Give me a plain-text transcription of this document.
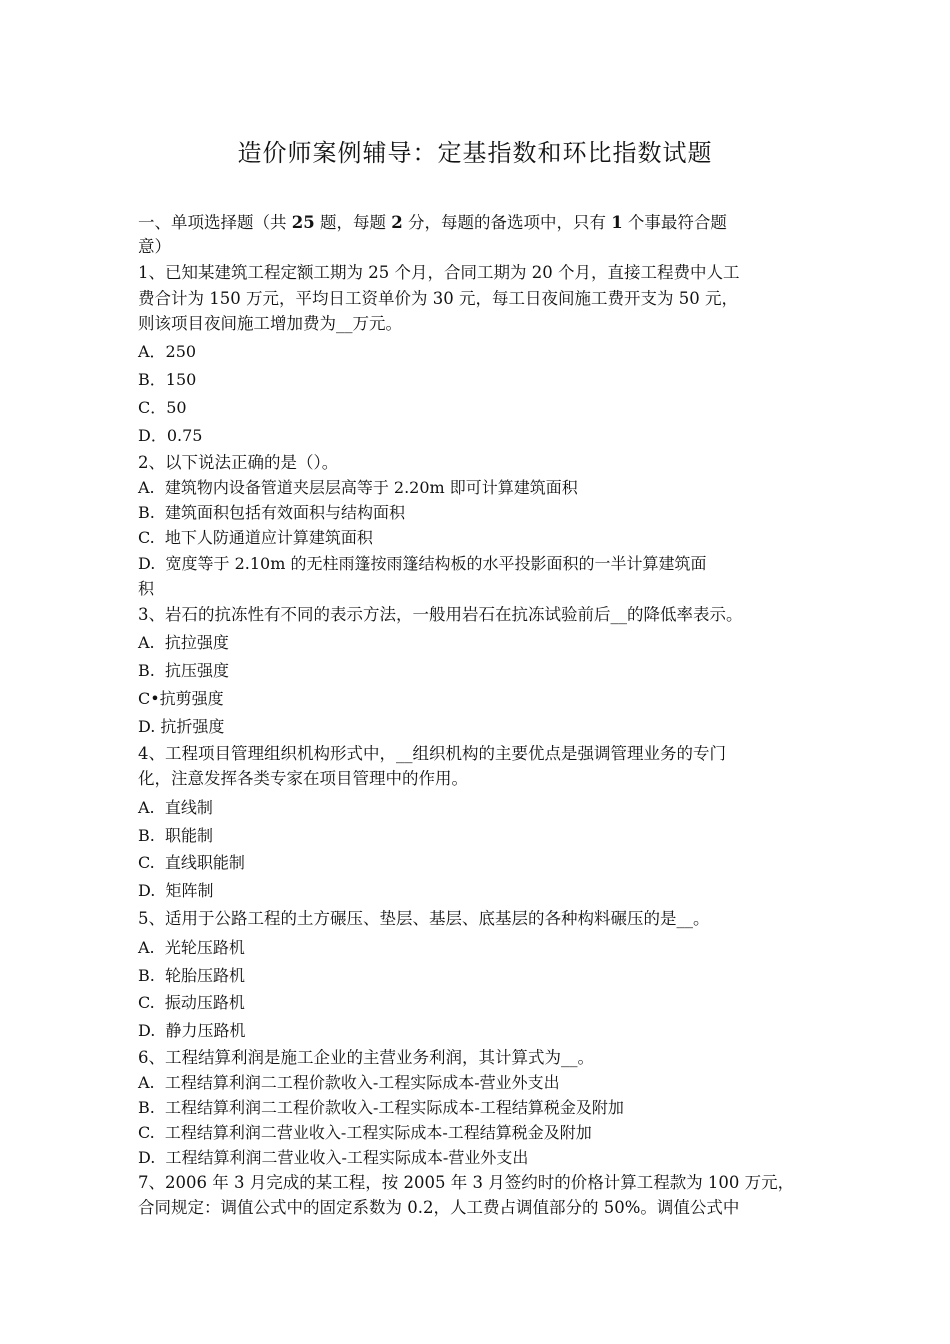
造价师案例辅导：定基指数和环比指数试题

一、单项选择题（共 25 题，每题 2 分，每题的备选项中，只有 1 个事最符合题

意）

1、已知某建筑工程定额工期为 25 个月，合同工期为 20 个月，直接工程费中人工

费合计为 150 万元，平均日工资单价为 30 元，每工日夜间施工费开支为 50 元，

则该项目夜间施工增加费为__万元。

A．250

B．150

C．50

D．0.75

2、以下说法正确的是（）。

A.  建筑物内设备管道夹层层高等于 2.20m 即可计算建筑面积

B.  建筑面积包括有效面积与结构面积

C.  地下人防通道应计算建筑面积

D.  宽度等于 2.10m 的无柱雨篷按雨篷结构板的水平投影面积的一半计算建筑面

积

3、岩石的抗冻性有不同的表示方法，一般用岩石在抗冻试验前后__的降低率表示。

A.  抗拉强度

B.  抗压强度

C•抗剪强度

D. 抗折强度

4、工程项目管理组织机构形式中，__组织机构的主要优点是强调管理业务的专门

化，注意发挥各类专家在项目管理中的作用。

A.  直线制

B.  职能制

C.  直线职能制

D.  矩阵制

5、适用于公路工程的土方碾压、垫层、基层、底基层的各种构料碾压的是__。

A.  光轮压路机

B.  轮胎压路机

C.  振动压路机

D.  静力压路机

6、工程结算利润是施工企业的主营业务利润，其计算式为__。

A.  工程结算利润二工程价款收入-工程实际成本-营业外支出

B.  工程结算利润二工程价款收入-工程实际成本-工程结算税金及附加

C.  工程结算利润二营业收入-工程实际成本-工程结算税金及附加

D.  工程结算利润二营业收入-工程实际成本-营业外支出

7、2006 年 3 月完成的某工程，按 2005 年 3 月签约时的价格计算工程款为 100 万元，

合同规定：调值公式中的固定系数为 0.2，人工费占调值部分的 50%。调值公式中
